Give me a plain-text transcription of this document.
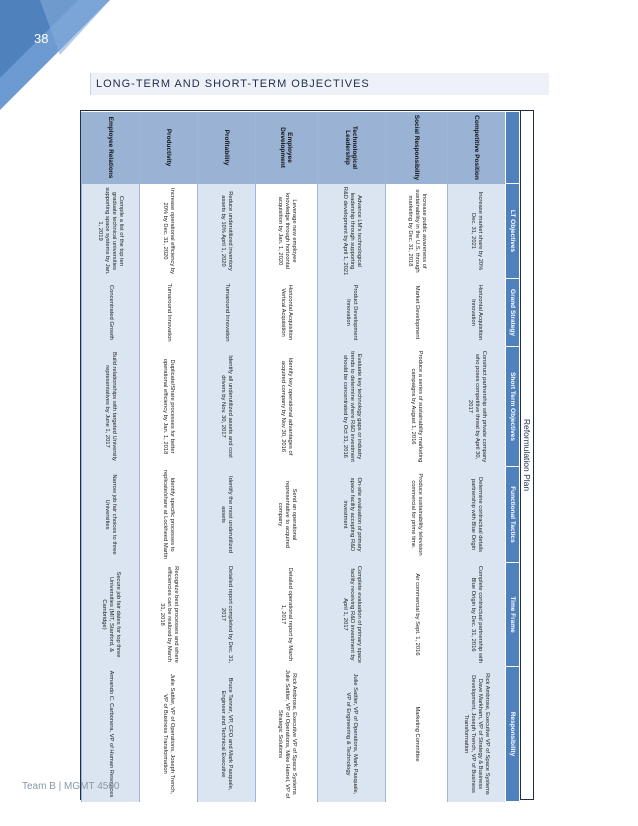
38
LONG-TERM AND SHORT-TERM OBJECTIVES
Reformulation Plan
	LT Objectives	Grand Strategy	Short Term Objectives	Functional Tactics	Time Frame	Responsibility
Competitive Position	Increase market share by 20% Dec. 31, 2021	Horizontal Acquisition Innovation	Construct partnership with private company who poses competitive threat by April 30, 2017	Determine contractual details partnership with Blue Origin	Complete contractual partnership with Blue Origin by Dec. 31, 2016	Rick Ambrose, Executive VP of Space Systems Dave Markham, VP of Strategy & Business Development, Joseph Trench, VP of Business Transformation
Social Responsibility	Increase public awareness of sustainability in the U.S. through marketing by Dec. 31, 2018	Market Development	Produce a series of sustainability marketing campaigns by August 1, 2016	Produce sustainability television commercial for prime time.	Air commercial by Sept. 1, 2016	Marketing Committee
Technological Leadership	Advance LM's technological leadership through supporting R&D development by April 1, 2021	Product Development Innovation	Evaluate key technology gaps or industry trends to determine where R&D investment should be concentrated by Oct 31, 2016	On-site evaluation of primary space facility accepting R&D investment	Complete evaluation of primary space facility receiving R&D investment by April 1, 2017	Julie Sattler, VP of Operations, Mark Pasquale, VP of Engineering & Technology
Employee Development	Leverage new employee knowledge through horizontal acquisition by Jan. 1, 2020	Horizontal Acquisition Vertical Acquisition	Identify key operational advantages of acquired company by Nov 30, 2016	Send an operational representative to acquired company	Detailed operational report by March 1, 2017	Rick Ambrose, Executive VP of Space Systems Julie Sattler, VP of Operations, Mike Hamel, VP of Strategic Solutions
Profitability	Reduce underutilized inventory assets by 10% April 1, 2020	Turnaround Innovation	Identify all underutilized assets and cost drivers by Nov. 30, 2017	Identify the most underutilized assets	Detailed report completed by Dec. 31, 2017	Bruce Tanner, VP, CFO and Mark Pasquale, Engineer and Technical Executive
Productivity	Increase operational efficiency by 20% by Dec. 31, 2020	Turnaround Innovation	Duplicate/Share processes for better operational efficiency by Jan. 1, 2018	Identify specific processes to replicate/share at Lockheed Martin	Recognize best processes and where efficiencies can be realized by March 31, 2018	Julie Sattler, VP of Operations, Joseph Trench, VP of Business Transformation
Employee Relations	Compile a list of the top ten graduate technical universities supporting space systems by Jan. 1, 2019	Concentrated Growth	Build relationships with targeted University representatives by June 1, 2017	Narrow job fair choices to three Universities	Secure job fair dates for top three Universities (MIT, Stanford, & Cambridge)	Armando C. Carbonera, VP of Human Resources
Team B | MGMT 4500
